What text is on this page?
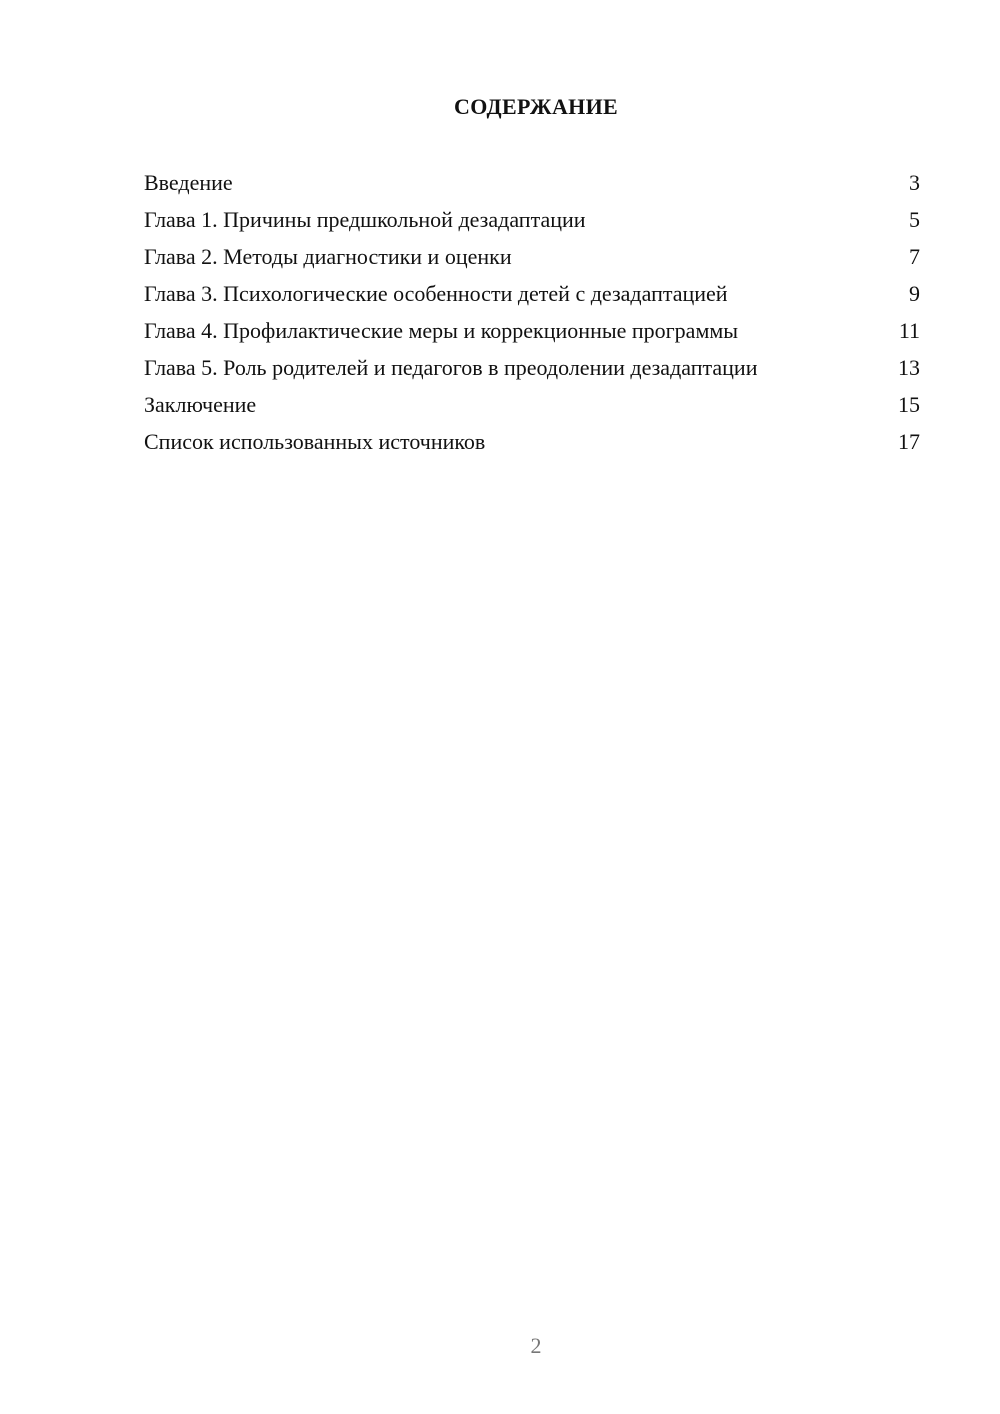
СОДЕРЖАНИЕ
Введение	3
Глава 1. Причины предшкольной дезадаптации	5
Глава 2. Методы диагностики и оценки	7
Глава 3. Психологические особенности детей с дезадаптацией	9
Глава 4. Профилактические меры и коррекционные программы	11
Глава 5. Роль родителей и педагогов в преодолении дезадаптации	13
Заключение	15
Список использованных источников	17
2
